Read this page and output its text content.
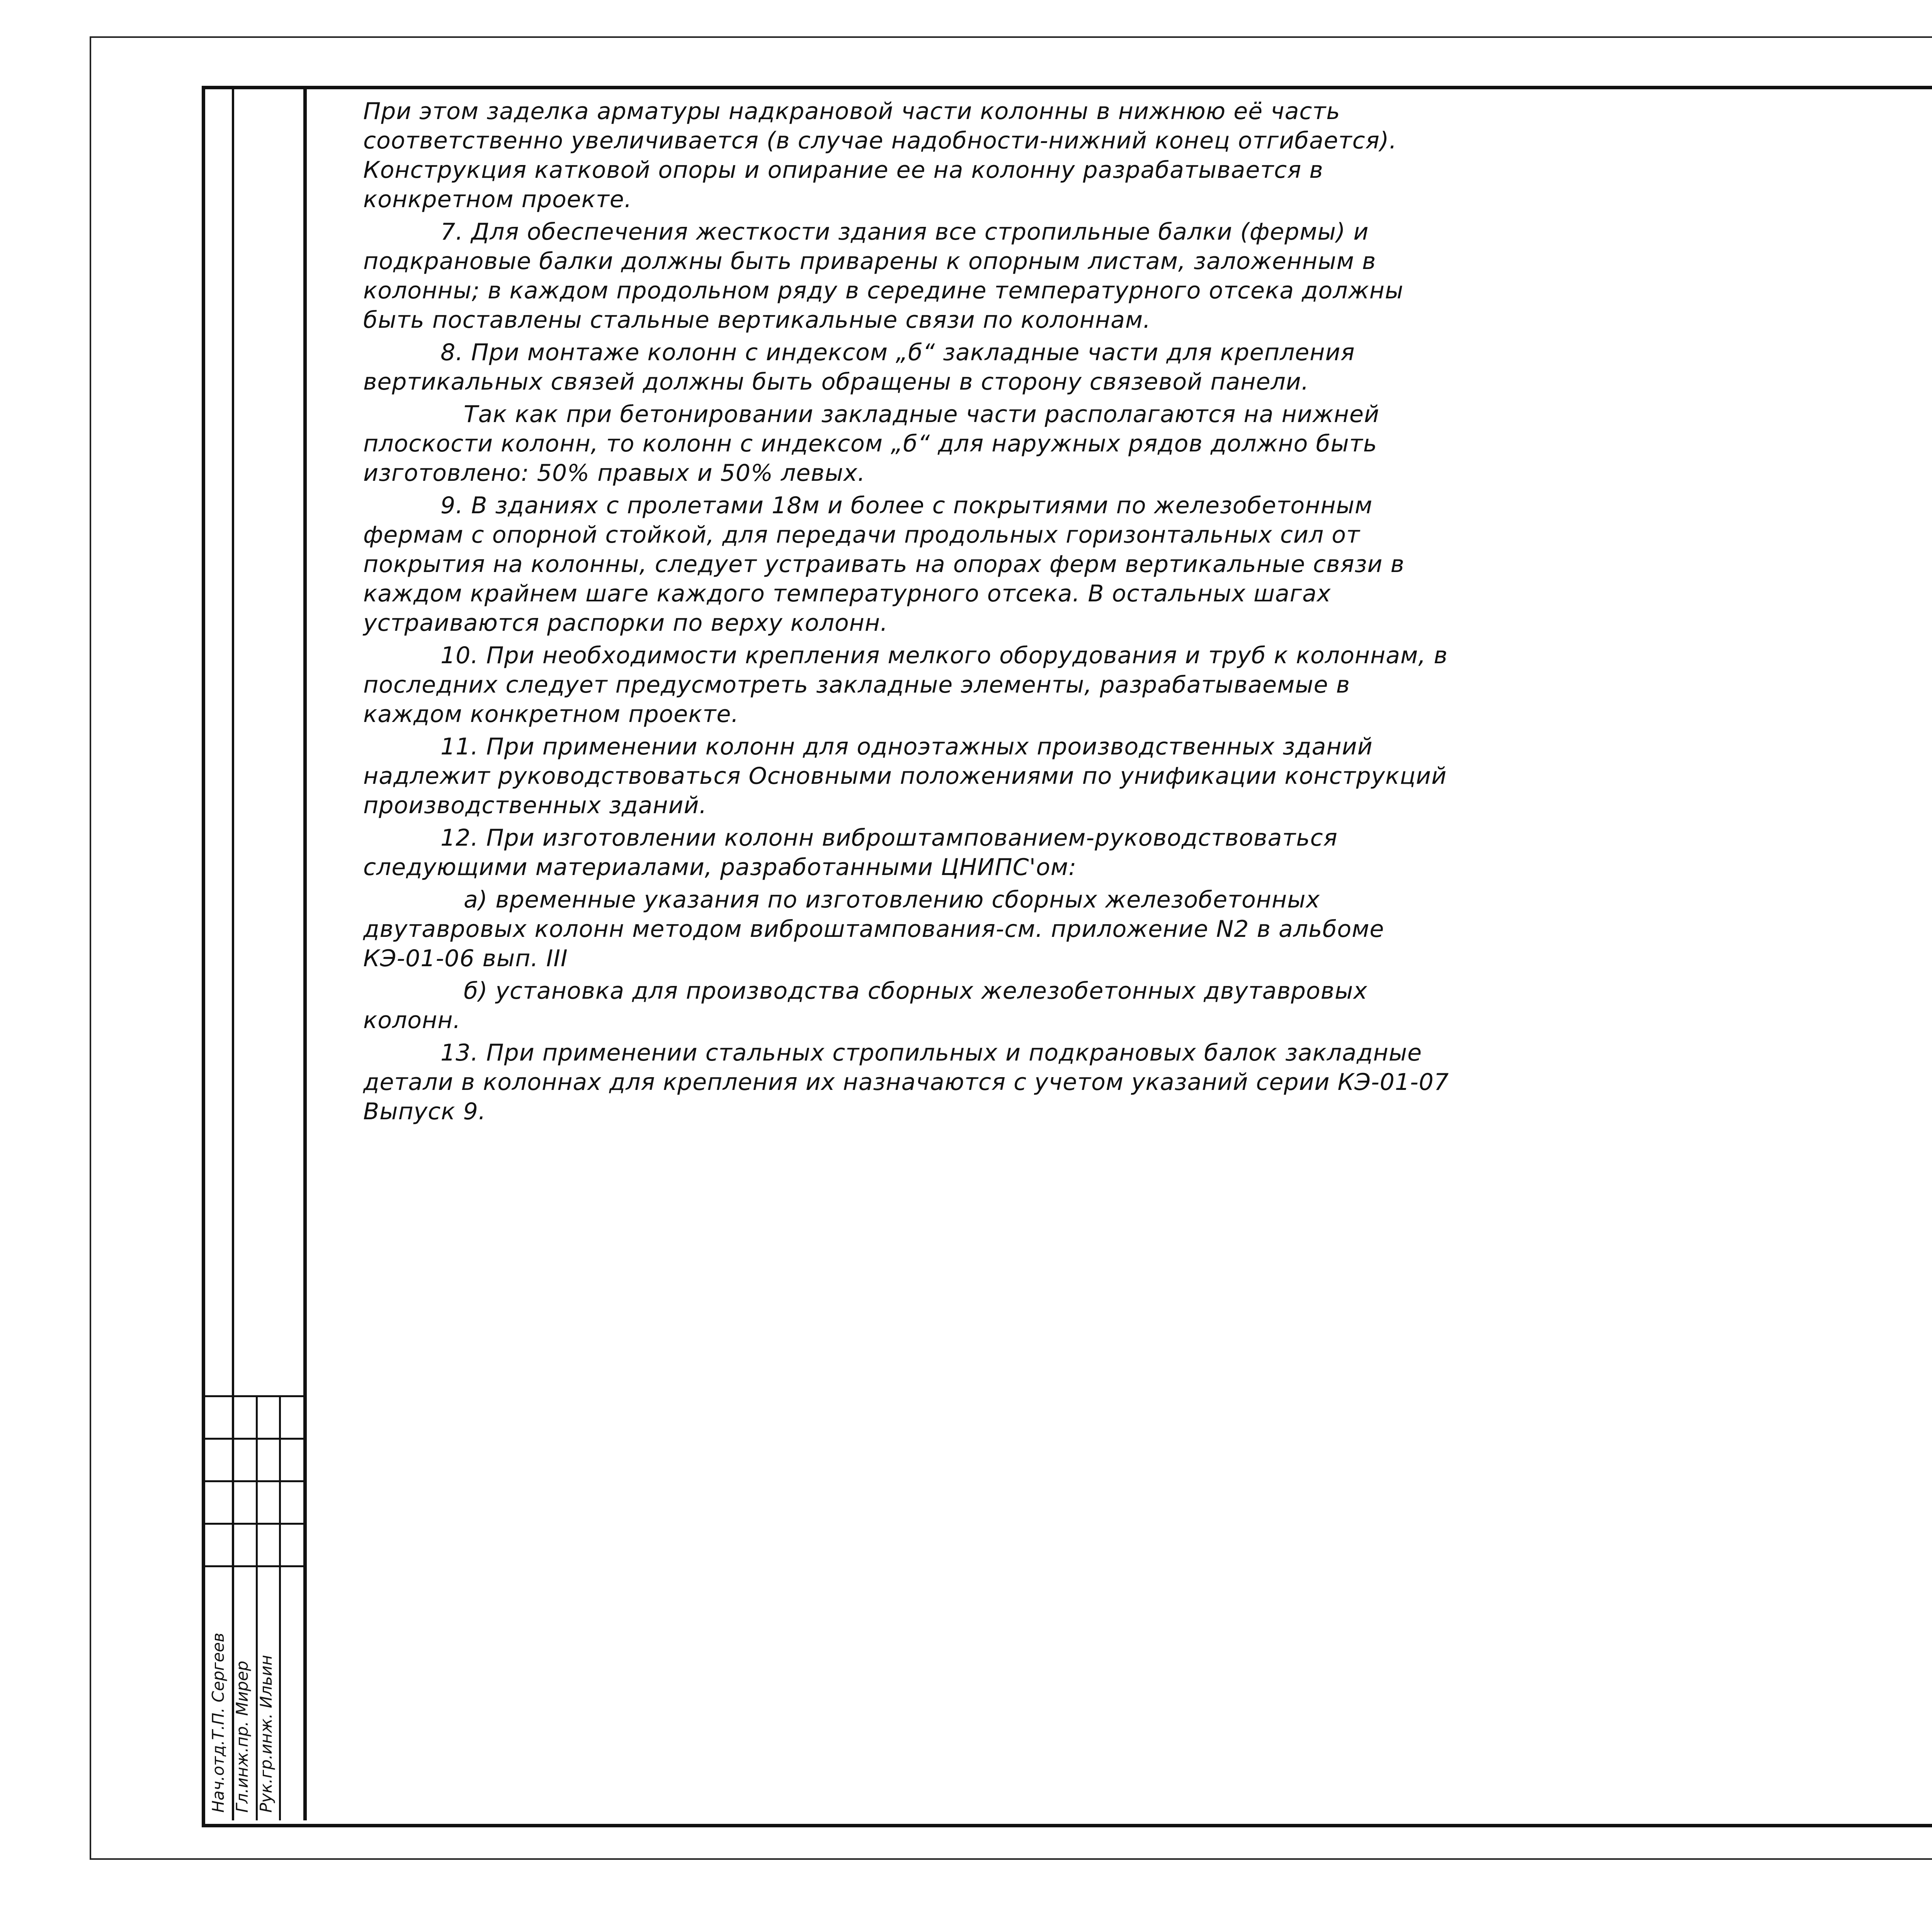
Нач.отд.Т.П. Сергеев
Гл.инж.пр. Мирер
Рук.гр.инж. Ильин

При этом заделка арматуры надкрановой части колонны в нижнюю её часть соответственно увеличивается (в случае надобности-нижний конец отгибается). Конструкция катковой опоры и опирание ее на колонну разрабатывается в конкретном проекте.

7. Для обеспечения жесткости здания все стропильные балки (фермы) и подкрановые балки должны быть приварены к опорным листам, заложенным в колонны; в каждом продольном ряду в середине температурного отсека должны быть поставлены стальные вертикальные связи по колоннам.

8. При монтаже колонн с индексом „б“ закладные части для крепления вертикальных связей должны быть обращены в сторону связевой панели.

Так как при бетонировании закладные части располагаются на нижней плоскости колонн, то колонн с индексом „б“ для наружных рядов должно быть изготовлено: 50% правых и 50% левых.

9. В зданиях с пролетами 18м и более с покрытиями по железобетонным фермам с опорной стойкой, для передачи продольных горизонтальных сил от покрытия на колонны, следует устраивать на опорах ферм вертикальные связи в каждом крайнем шаге каждого температурного отсека. В остальных шагах устраиваются распорки по верху колонн.

10. При необходимости крепления мелкого оборудования и труб к колоннам, в последних следует предусмотреть закладные элементы, разрабатываемые в каждом конкретном проекте.

11. При применении колонн для одноэтажных производственных зданий надлежит руководствоваться Основными положениями по унификации конструкций производственных зданий.

12. При изготовлении колонн виброштампованием-руководствоваться следующими материалами, разработанными ЦНИПС'ом:

а) временные указания по изготовлению сборных железобетонных двутавровых колонн методом виброштампования-см. приложение N2 в альбоме КЭ-01-06 вып. III

б) установка для производства сборных железобетонных двутавровых колонн.

13. При применении стальных стропильных и подкрановых балок закладные детали в колоннах для крепления их назначаются с учетом указаний серии КЭ-01-07 Выпуск 9.
